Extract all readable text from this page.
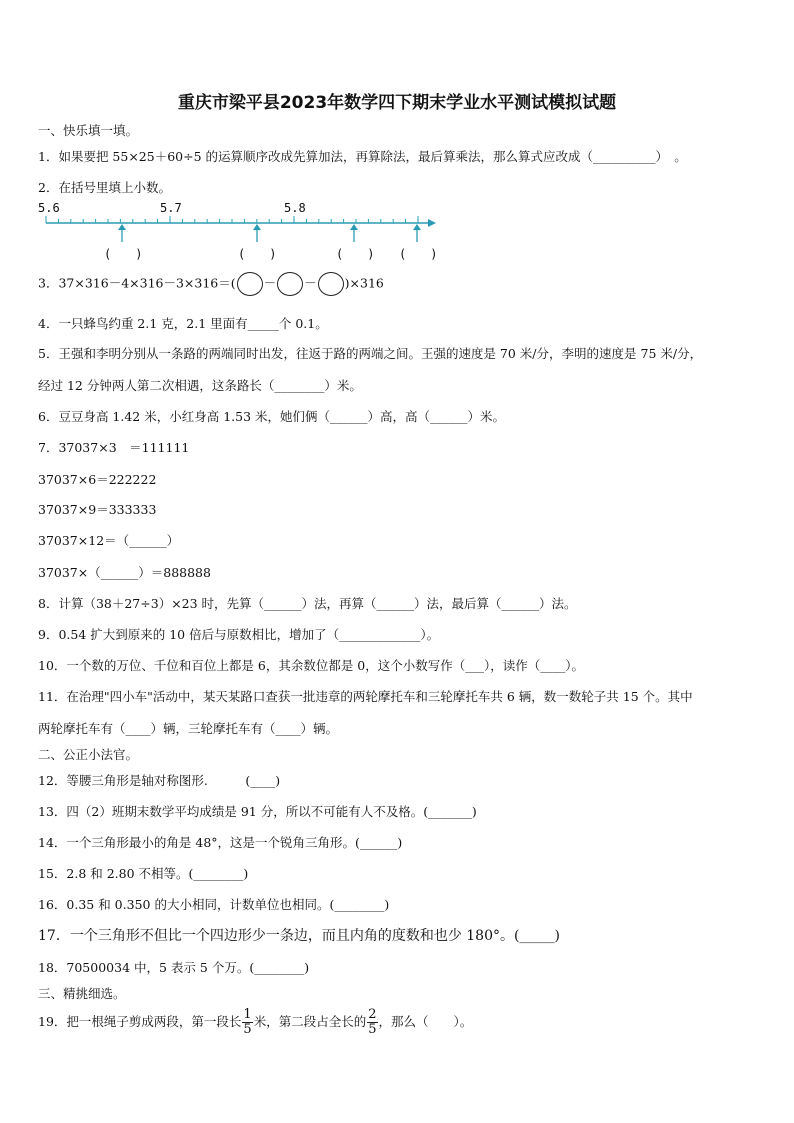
重庆市梁平县2023年数学四下期末学业水平测试模拟试题
一、快乐填一填。
1．如果要把 55×25＋60÷5 的运算顺序改成先算加法，再算除法，最后算乘法，那么算式应改成（__________）　。
2．在括号里填上小数。
5.6	5.7	5.8
(　　)	(　　)	(　　) (　　)
3．37×316－4×316－3×316＝( － － )×316
4．一只蜂鸟约重 2.1 克，2.1 里面有_____个 0.1。
5．王强和李明分别从一条路的两端同时出发，往返于路的两端之间。王强的速度是 70 米/分，李明的速度是 75 米/分，
经过 12 分钟两人第二次相遇，这条路长（________）米。
6．豆豆身高 1.42 米，小红身高 1.53 米，她们俩（______）高，高（______）米。
7．37037×3　＝111111
37037×6＝222222
37037×9＝333333
37037×12＝（______）
37037×（______）＝888888
8．计算（38＋27÷3）×23 时，先算（______）法，再算（______）法，最后算（______）法。
9．0.54 扩大到原来的 10 倍后与原数相比，增加了（_____________）。
10．一个数的万位、千位和百位上都是 6，其余数位都是 0，这个小数写作（___），读作（____）。
11．在治理"四小车"活动中，某天某路口查获一批违章的两轮摩托车和三轮摩托车共 6 辆，数一数轮子共 15 个。其中
两轮摩托车有（____）辆，三轮摩托车有（____）辆。
二、公正小法官。
12．等腰三角形是轴对称图形.　　　(____)
13．四（2）班期末数学平均成绩是 91 分，所以不可能有人不及格。(_______)
14．一个三角形最小的角是 48°，这是一个锐角三角形。(______)
15．2.8 和 2.80 不相等。(________)
16．0.35 和 0.350 的大小相同，计数单位也相同。(________)
17．一个三角形不但比一个四边形少一条边，而且内角的度数和也少 180°。(_____)
18．70500034 中，5 表示 5 个万。(________)
三、精挑细选。
19．把一根绳子剪成两段，第一段长 $\frac{1}{5}$ 米，第二段占全长的 $\frac{2}{5}$ ，那么（　　）。
